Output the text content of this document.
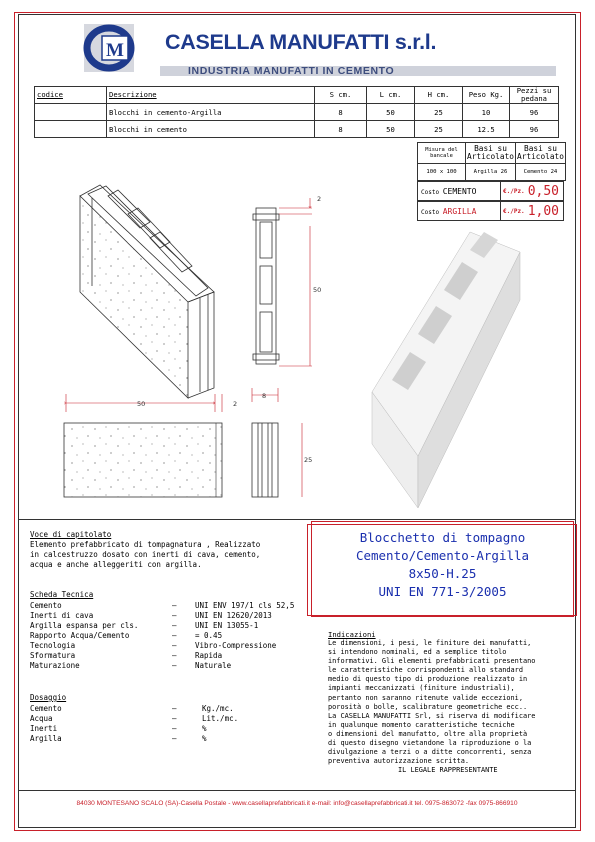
M CASELLA MANUFATTI s.r.l.
INDUSTRIA MANUFATTI IN CEMENTO
codice	Descrizione	S cm.	L cm.	H cm.	Peso Kg.	Pezzi su pedana
	Blocchi in cemento-Argilla	8	50	25	10	96
	Blocchi in cemento	8	50	25	12.5	96
Misura del bancale	Basi su Articolato	Basi su Articolato
100 x 100	Argilla 26	Cemento 24
Costo CEMENTO	€./Pz. 0,50
Costo ARGILLA	€./Pz. 1,00
2
50
50	2
8
25
Blocchetto di tompagno
Cemento/Cemento-Argilla
8x50-H.25
UNI EN 771-3/2005
Voce di capitolato
Elemento prefabbricato di tompagnatura , Realizzato
in calcestruzzo dosato con inerti di cava, cemento,
acqua e anche alleggeriti con argilla.
Scheda Tecnica
Cemento	– UNI ENV 197/1 cls 52,5
Inerti di cava	– UNI EN 12620/2013
Argilla espansa per cls.	– UNI EN 13055-1
Rapporto Acqua/Cemento	– = 0.45
Tecnologia	– Vibro-Compressione
Sformatura	– Rapida
Maturazione	– Naturale
Dosaggio
Cemento	–	Kg./mc.
Acqua	–	Lit./mc.
Inerti	–	%
Argilla	–	%
Indicazioni
Le dimensioni, i pesi, le finiture dei manufatti,
si intendono nominali, ed a semplice titolo
informativi. Gli elementi prefabbricati presentano
le caratteristiche corrispondenti allo standard
medio di questo tipo di produzione realizzato in
impianti meccanizzati (finiture industriali),
pertanto non saranno ritenute valide eccezioni,
porosità o bolle, scalibrature geometriche ecc..
La CASELLA MANUFATTI Srl, si riserva di modificare
in qualunque momento caratteristiche tecniche
o dimensioni del manufatto, oltre alla proprietà
di questo disegno vietandone la riproduzione o la
divulgazione a terzi o a ditte concorrenti, senza
preventiva autorizzazione scritta.
IL LEGALE RAPPRESENTANTE
84030 MONTESANO SCALO (SA)-Casella Postale - www.casellaprefabbricati.it e-mail: info@casellaprefabbricati.it tel. 0975-863072 -fax 0975-866910
